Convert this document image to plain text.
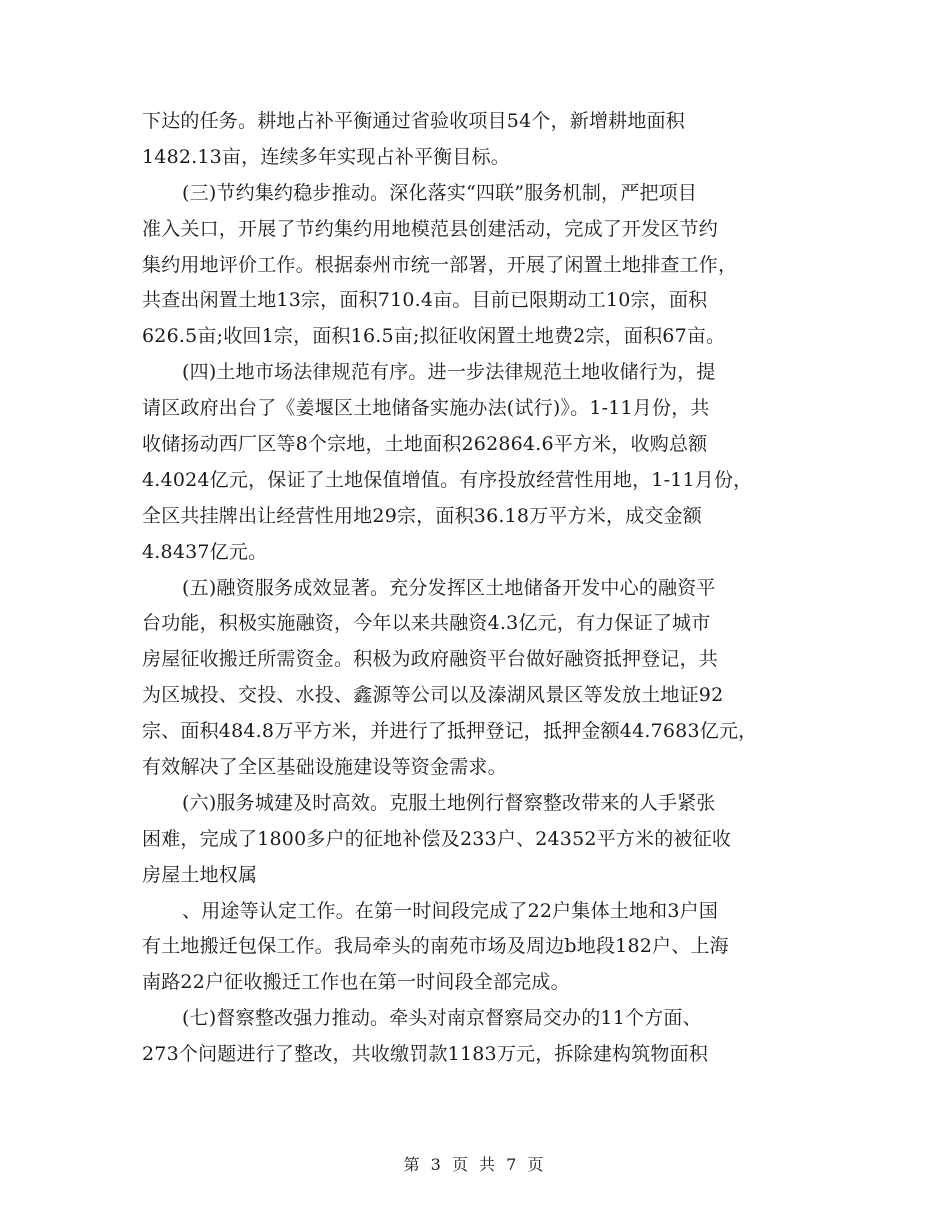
下达的任务。耕地占补平衡通过省验收项目54个，新增耕地面积
1482.13亩，连续多年实现占补平衡目标。
(三)节约集约稳步推动。深化落实“四联”服务机制，严把项目
准入关口，开展了节约集约用地模范县创建活动，完成了开发区节约
集约用地评价工作。根据泰州市统一部署，开展了闲置土地排查工作，
共查出闲置土地13宗，面积710.4亩。目前已限期动工10宗，面积
626.5亩;收回1宗，面积16.5亩;拟征收闲置土地费2宗，面积67亩。
(四)土地市场法律规范有序。进一步法律规范土地收储行为，提
请区政府出台了《姜堰区土地储备实施办法(试行)》。1-11月份，共
收储扬动西厂区等8个宗地，土地面积262864.6平方米，收购总额
4.4024亿元，保证了土地保值增值。有序投放经营性用地，1-11月份，
全区共挂牌出让经营性用地29宗，面积36.18万平方米，成交金额
4.8437亿元。
(五)融资服务成效显著。充分发挥区土地储备开发中心的融资平
台功能，积极实施融资，今年以来共融资4.3亿元，有力保证了城市
房屋征收搬迁所需资金。积极为政府融资平台做好融资抵押登记，共
为区城投、交投、水投、鑫源等公司以及溱湖风景区等发放土地证92
宗、面积484.8万平方米，并进行了抵押登记，抵押金额44.7683亿元，
有效解决了全区基础设施建设等资金需求。
(六)服务城建及时高效。克服土地例行督察整改带来的人手紧张
困难，完成了1800多户的征地补偿及233户、24352平方米的被征收
房屋土地权属
、用途等认定工作。在第一时间段完成了22户集体土地和3户国
有土地搬迁包保工作。我局牵头的南苑市场及周边b地段182户、上海
南路22户征收搬迁工作也在第一时间段全部完成。
(七)督察整改强力推动。牵头对南京督察局交办的11个方面、
273个问题进行了整改，共收缴罚款1183万元，拆除建构筑物面积
第 3 页 共 7 页
